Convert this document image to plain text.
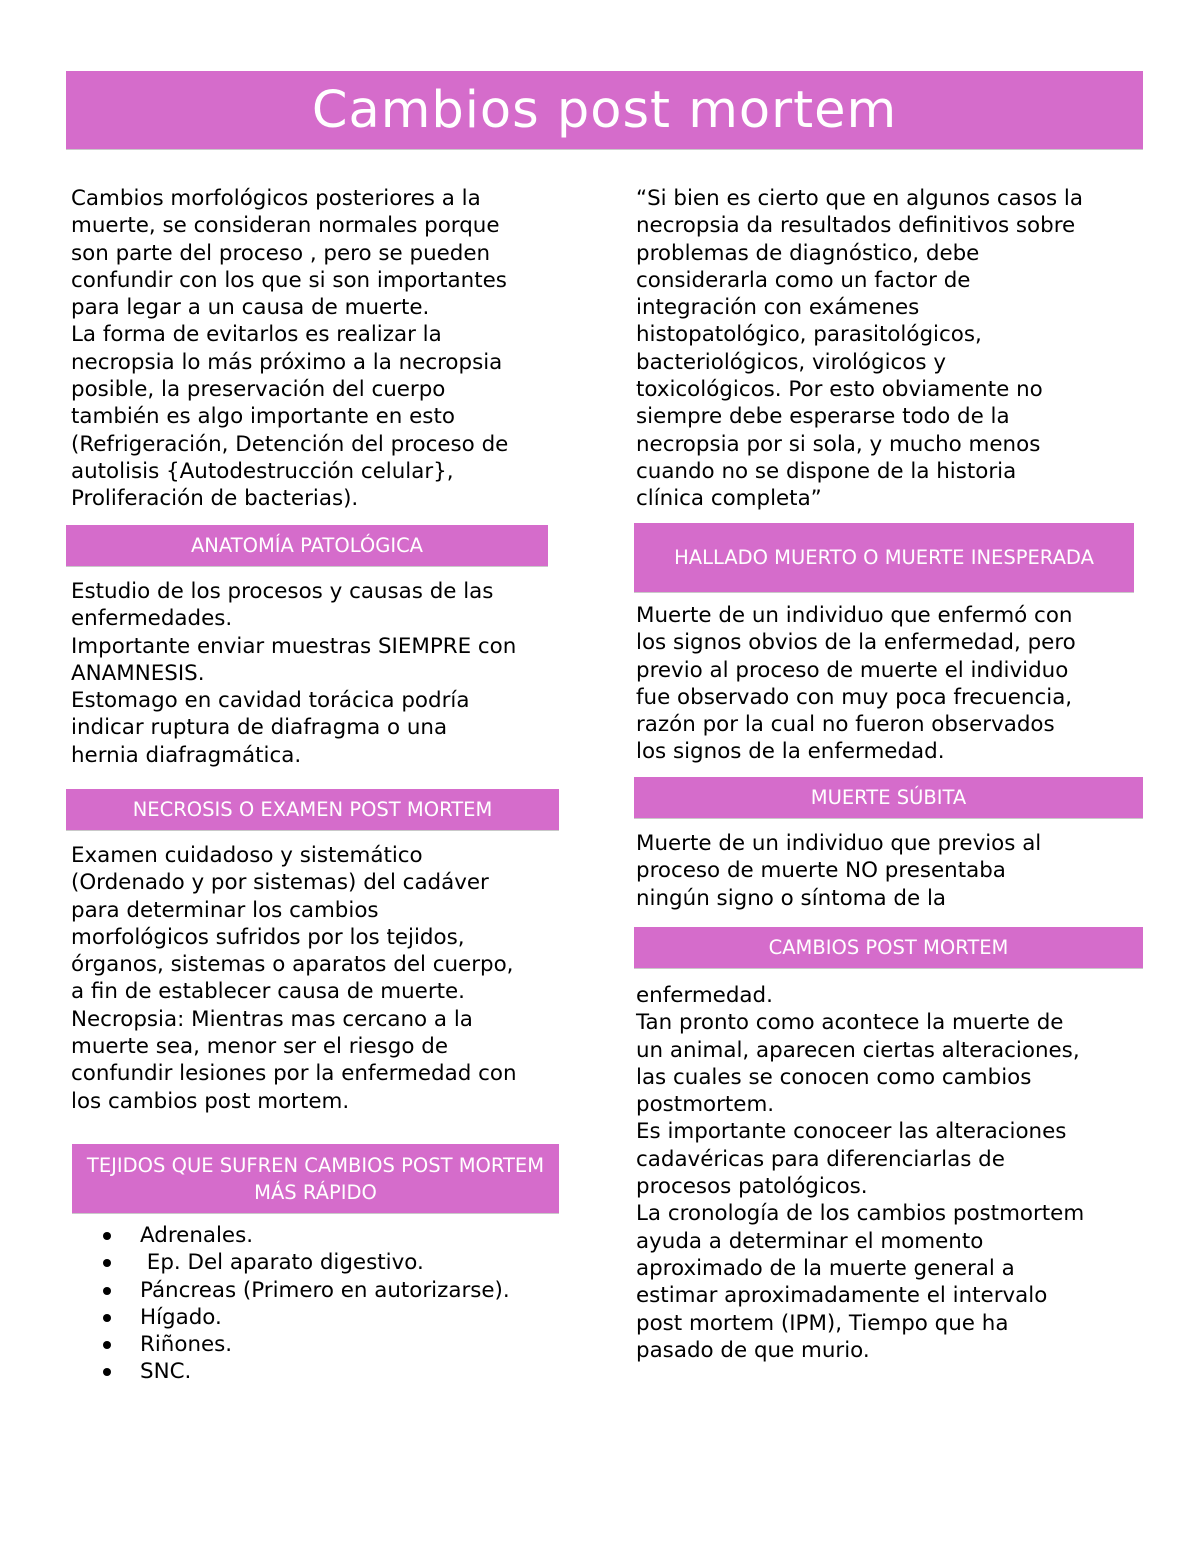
Cambios post mortem

Cambios morfológicos posteriores a la
muerte, se consideran normales porque
son parte del proceso , pero se pueden
confundir con los que si son importantes
para legar a un causa de muerte.
La forma de evitarlos es realizar la
necropsia lo más próximo a la necropsia
posible, la preservación del cuerpo
también es algo importante en esto
(Refrigeración, Detención del proceso de
autolisis {Autodestrucción celular},
Proliferación de bacterias).

ANATOMÍA PATOLÓGICA

Estudio de los procesos y causas de las
enfermedades.
Importante enviar muestras SIEMPRE con
ANAMNESIS.
Estomago en cavidad torácica podría
indicar ruptura de diafragma o una
hernia diafragmática.

NECROSIS O EXAMEN POST MORTEM

Examen cuidadoso y sistemático
(Ordenado y por sistemas) del cadáver
para determinar los cambios
morfológicos sufridos por los tejidos,
órganos, sistemas o aparatos del cuerpo,
a fin de establecer causa de muerte.
Necropsia: Mientras mas cercano a la
muerte sea, menor ser el riesgo de
confundir lesiones por la enfermedad con
los cambios post mortem.

TEJIDOS QUE SUFREN CAMBIOS POST MORTEM MÁS RÁPIDO
Adrenales.
Ep. Del aparato digestivo.
Páncreas (Primero en autorizarse).
Hígado.
Riñones.
SNC.

“Si bien es cierto que en algunos casos la
necropsia da resultados definitivos sobre
problemas de diagnóstico, debe
considerarla como un factor de
integración con exámenes
histopatológico, parasitológicos,
bacteriológicos, virológicos y
toxicológicos. Por esto obviamente no
siempre debe esperarse todo de la
necropsia por si sola, y mucho menos
cuando no se dispone de la historia
clínica completa”

HALLADO MUERTO O MUERTE INESPERADA

Muerte de un individuo que enfermó con
los signos obvios de la enfermedad, pero
previo al proceso de muerte el individuo
fue observado con muy poca frecuencia,
razón por la cual no fueron observados
los signos de la enfermedad.

MUERTE SÚBITA

Muerte de un individuo que previos al
proceso de muerte NO presentaba
ningún signo o síntoma de la

CAMBIOS POST MORTEM

enfermedad.
Tan pronto como acontece la muerte de
un animal, aparecen ciertas alteraciones,
las cuales se conocen como cambios
postmortem.
Es importante conoceer las alteraciones
cadavéricas para diferenciarlas de
procesos patológicos.
La cronología de los cambios postmortem
ayuda a determinar el momento
aproximado de la muerte general a
estimar aproximadamente el intervalo
post mortem (IPM), Tiempo que ha
pasado de que murio.
